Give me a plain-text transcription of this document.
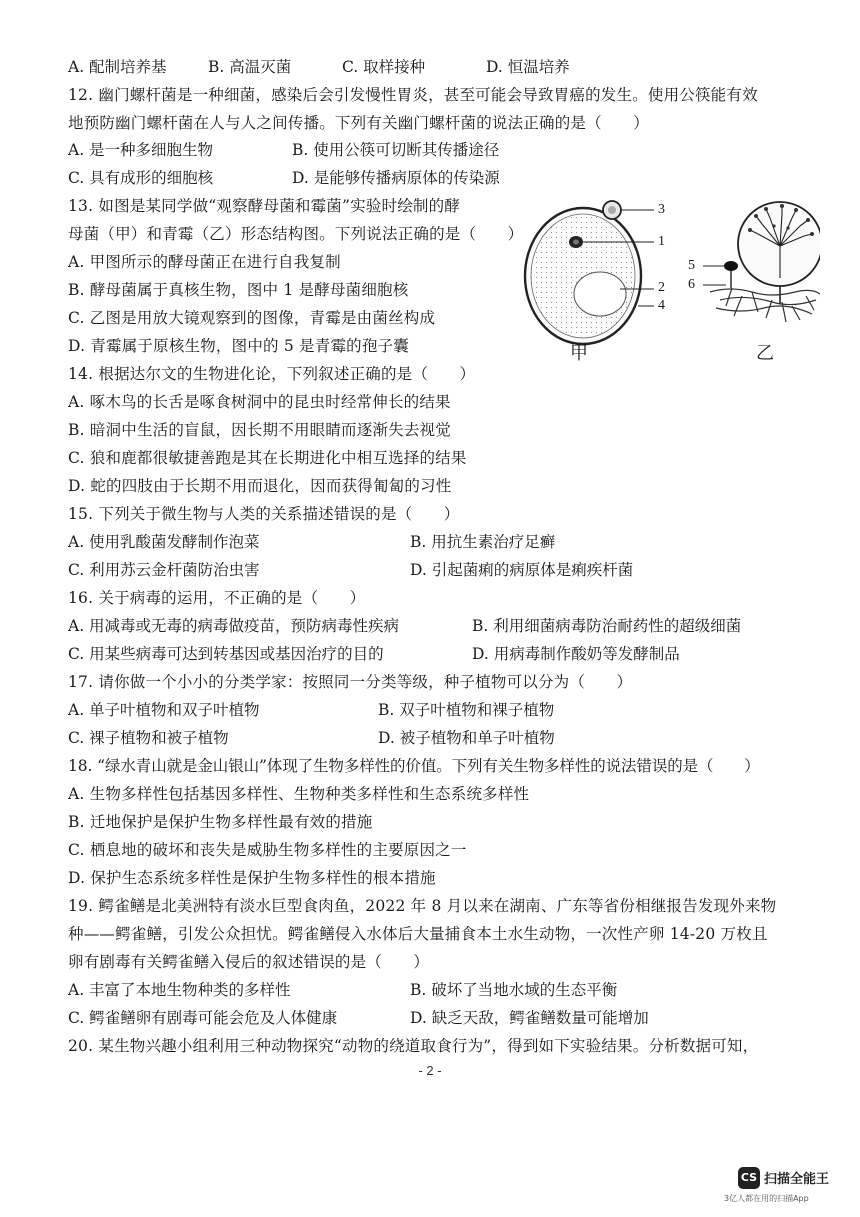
A. 配制培养基	B. 高温灭菌	C. 取样接种	D. 恒温培养
12. 幽门螺杆菌是一种细菌，感染后会引发慢性胃炎，甚至可能会导致胃癌的发生。使用公筷能有效
地预防幽门螺杆菌在人与人之间传播。下列有关幽门螺杆菌的说法正确的是（　　）
A. 是一种多细胞生物	B. 使用公筷可切断其传播途径
C. 具有成形的细胞核	D. 是能够传播病原体的传染源
13. 如图是某同学做“观察酵母菌和霉菌”实验时绘制的酵
母菌（甲）和青霉（乙）形态结构图。下列说法正确的是（　　）
A. 甲图所示的酵母菌正在进行自我复制
B. 酵母菌属于真核生物，图中 1 是酵母菌细胞核
C. 乙图是用放大镜观察到的图像，青霉是由菌丝构成
D. 青霉属于原核生物，图中的 5 是青霉的孢子囊
3
1
2
4
5
6
甲	乙
14. 根据达尔文的生物进化论，下列叙述正确的是（　　）
A. 啄木鸟的长舌是啄食树洞中的昆虫时经常伸长的结果
B. 暗洞中生活的盲鼠，因长期不用眼睛而逐渐失去视觉
C. 狼和鹿都很敏捷善跑是其在长期进化中相互选择的结果
D. 蛇的四肢由于长期不用而退化，因而获得匍匐的习性
15. 下列关于微生物与人类的关系描述错误的是（　　）
A. 使用乳酸菌发酵制作泡菜	B. 用抗生素治疗足癣
C. 利用苏云金杆菌防治虫害	D. 引起菌痢的病原体是痢疾杆菌
16. 关于病毒的运用，不正确的是（　　）
A. 用减毒或无毒的病毒做疫苗，预防病毒性疾病	B. 利用细菌病毒防治耐药性的超级细菌
C. 用某些病毒可达到转基因或基因治疗的目的	D. 用病毒制作酸奶等发酵制品
17. 请你做一个小小的分类学家：按照同一分类等级，种子植物可以分为（　　）
A. 单子叶植物和双子叶植物	B. 双子叶植物和裸子植物
C. 裸子植物和被子植物	D. 被子植物和单子叶植物
18. “绿水青山就是金山银山”体现了生物多样性的价值。下列有关生物多样性的说法错误的是（　　）
A. 生物多样性包括基因多样性、生物种类多样性和生态系统多样性
B. 迁地保护是保护生物多样性最有效的措施
C. 栖息地的破坏和丧失是威胁生物多样性的主要原因之一
D. 保护生态系统多样性是保护生物多样性的根本措施
19. 鳄雀鳝是北美洲特有淡水巨型食肉鱼，2022 年 8 月以来在湖南、广东等省份相继报告发现外来物
种——鳄雀鳝，引发公众担忧。鳄雀鳝侵入水体后大量捕食本土水生动物，一次性产卵 14-20 万枚且
卵有剧毒有关鳄雀鳝入侵后的叙述错误的是（　　）
A. 丰富了本地生物种类的多样性	B. 破坏了当地水域的生态平衡
C. 鳄雀鳝卵有剧毒可能会危及人体健康	D. 缺乏天敌，鳄雀鳝数量可能增加
20. 某生物兴趣小组利用三种动物探究“动物的绕道取食行为”，得到如下实验结果。分析数据可知，
- 2 -
CS 扫描全能王
3亿人都在用的扫描App
